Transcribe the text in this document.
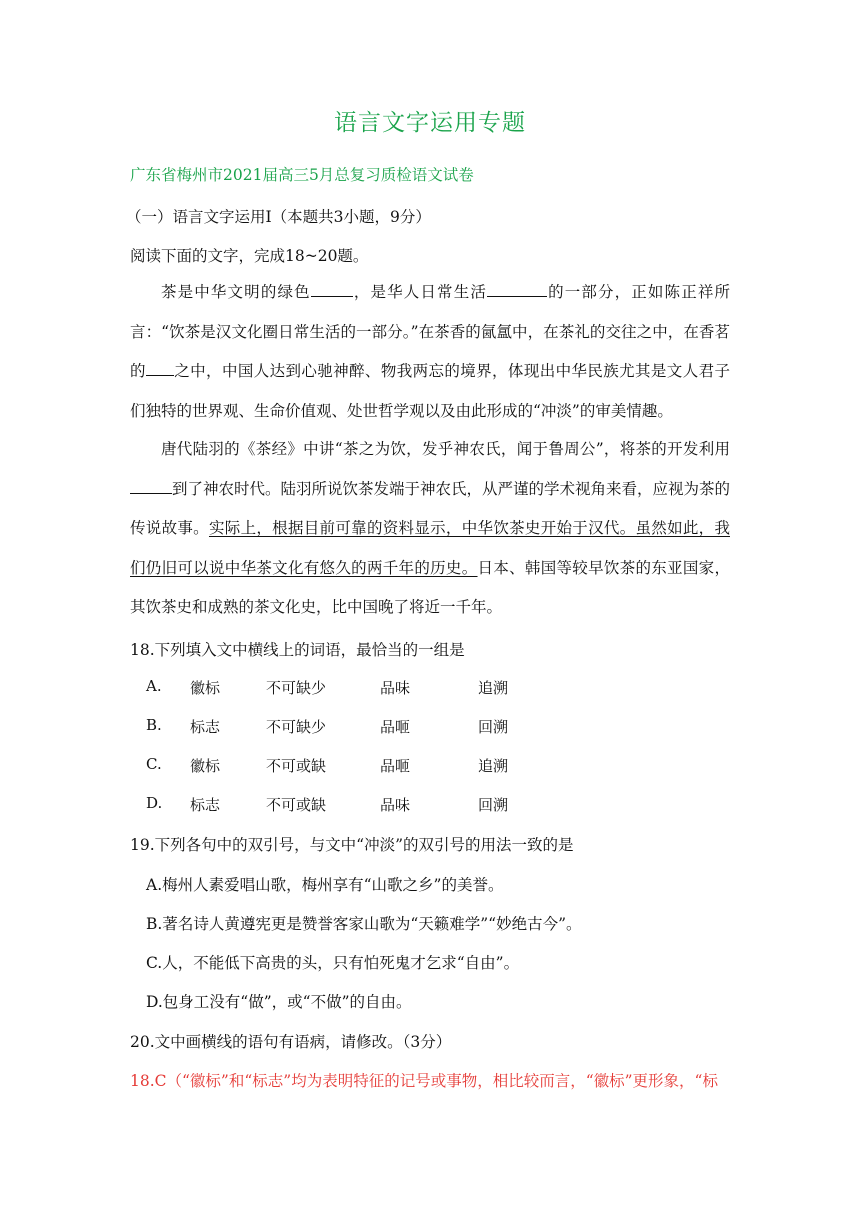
语言文字运用专题
广东省梅州市2021届高三5月总复习质检语文试卷
（一）语言文字运用Ⅰ（本题共3小题，9分）
阅读下面的文字，完成18~20题。

茶是中华文明的绿色	，是华人日常生活	的一部分，正如陈正祥所言：“饮茶是汉文化圈日常生活的一部分。”在茶香的氤氲中，在茶礼的交往之中，在香茗的 之中，中国人达到心驰神醉、物我两忘的境界，体现出中华民族尤其是文人君子们独特的世界观、生命价值观、处世哲学观以及由此形成的“冲淡”的审美情趣。

唐代陆羽的《茶经》中讲“茶之为饮，发乎神农氏，闻于鲁周公”，将茶的开发利用到了神农时代。陆羽所说饮茶发端于神农氏，从严谨的学术视角来看，应视为茶的传说故事。实际上，根据目前可靠的资料显示，中华饮茶史开始于汉代。虽然如此，我们仍旧可以说中华茶文化有悠久的两千年的历史。日本、韩国等较早饮茶的东亚国家，其饮茶史和成熟的茶文化史，比中国晚了将近一千年。

18.下列填入文中横线上的词语，最恰当的一组是
A. 徽标	不可缺少	品味	追溯
B. 标志	不可缺少	品咂	回溯
C. 徽标	不可或缺	品咂	追溯
D. 标志	不可或缺	品味	回溯
19.下列各句中的双引号，与文中“冲淡”的双引号的用法一致的是
A.梅州人素爱唱山歌，梅州享有“山歌之乡”的美誉。
B.著名诗人黄遵宪更是赞誉客家山歌为“天籁难学”“妙绝古今”。
C.人，不能低下高贵的头，只有怕死鬼才乞求“自由”。
D.包身工没有“做”，或“不做”的自由。
20.文中画横线的语句有语病，请修改。（3分）
18.C（“徽标”和“标志”均为表明特征的记号或事物，相比较而言，“徽标”更形象，“标
